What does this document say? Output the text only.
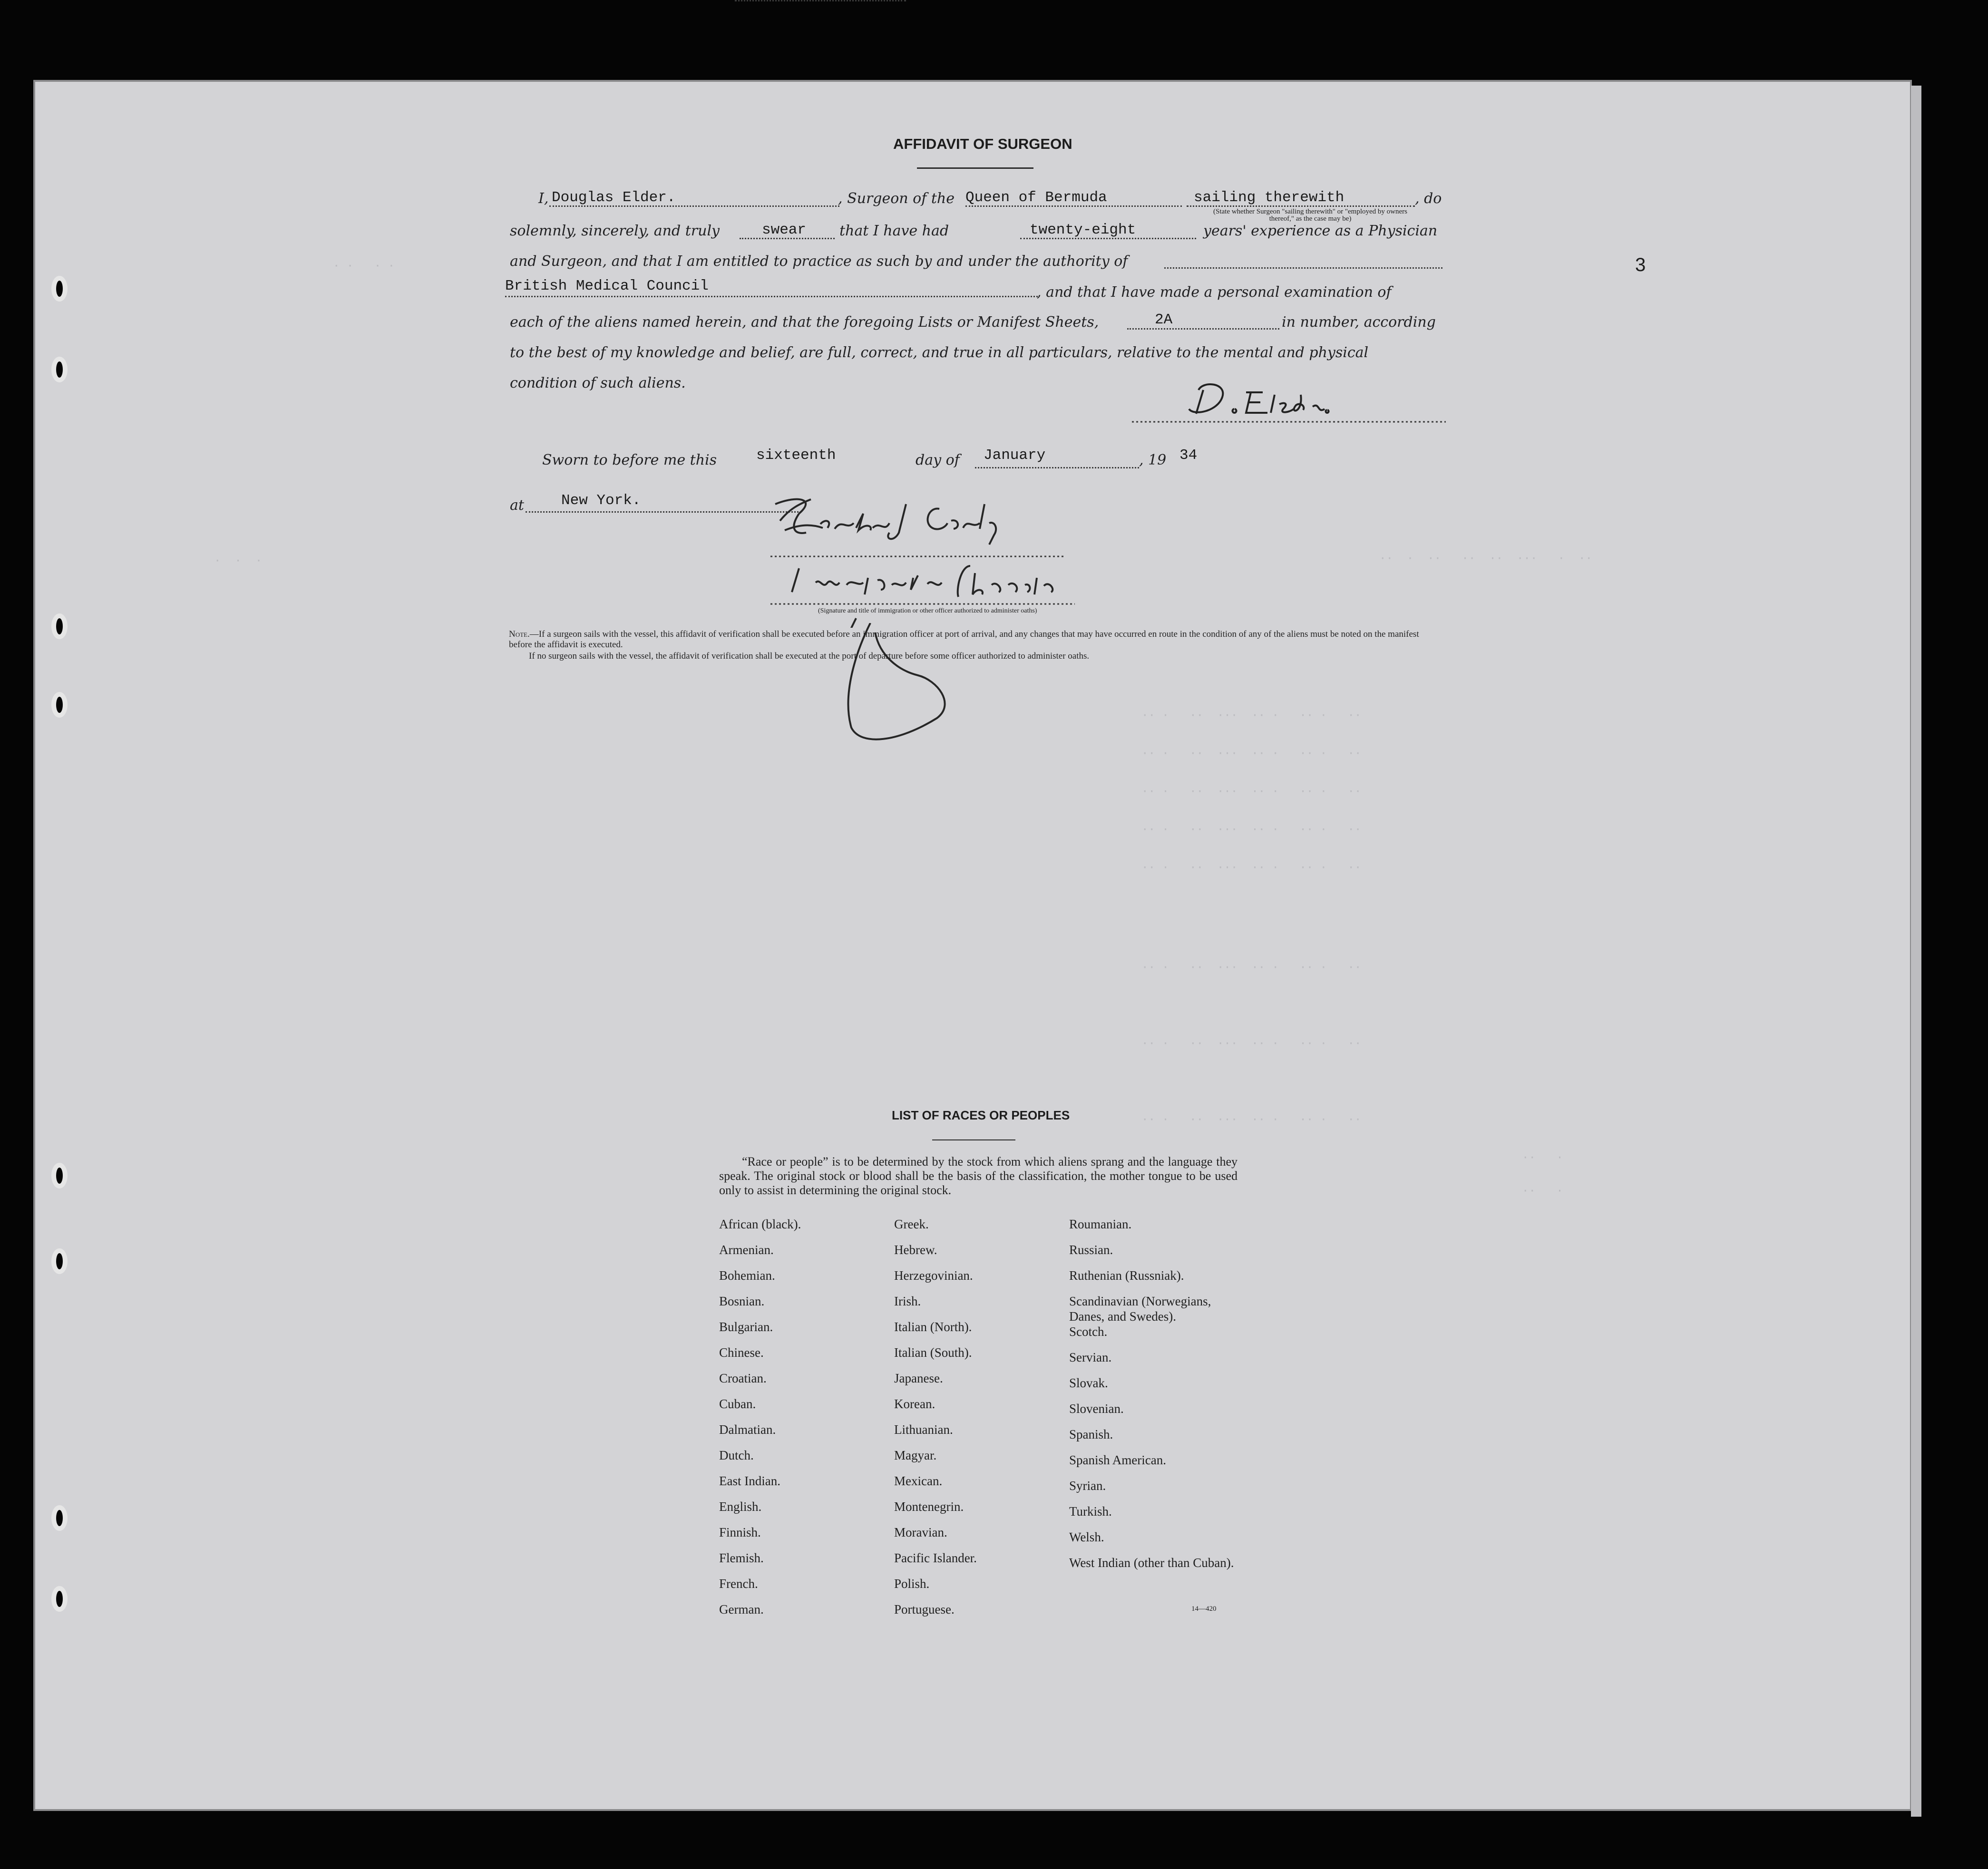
· ·   · ·
·  ·  ·	··  ·  ··   ··  ··  ···   ·  ··
·· ·   ··  ···  ·· ·   ·· ·   ··
·· ·   ··  ···  ·· ·   ·· ·   ··
·· ·   ··  ···  ·· ·   ·· ·   ··
·· ·   ··  ···  ·· ·   ·· ·   ··
·· ·   ··  ···  ·· ·   ·· ·   ··
·· ·   ··  ···  ·· ·   ·· ·   ··
·· ·   ··  ···  ·· ·   ·· ·   ··
·· ·   ··  ···  ·· ·   ·· ·   ··
··   ·
··   ·
3
AFFIDAVIT OF SURGEON
I, Douglas Elder.	, Surgeon of the Queen of Bermuda	sailing therewith	, do
(State whether Surgeon "sailing therewith" or "employed by owners thereof," as the case may be)
solemnly, sincerely, and truly	swear that I have had	twenty-eight	years' experience as a Physician
and Surgeon, and that I am entitled to practice as such by and under the authority of
British Medical Council	, and that I have made a personal examination of
each of the aliens named herein, and that the foregoing Lists or Manifest Sheets,	2A	in number, according
to the best of my knowledge and belief, are full, correct, and true in all particulars, relative to the mental and physical
condition of such aliens.
Sworn to before me this	sixteenth	day of January	, 19 34
at	New York.
(Signature and title of immigration or other officer authorized to administer oaths)
Note.—If a surgeon sails with the vessel, this affidavit of verification shall be executed before an immigration officer at port of arrival, and any changes that may have occurred en route in the condition of any of the aliens must be noted on the manifest before the affidavit is executed.
If no surgeon sails with the vessel, the affidavit of verification shall be executed at the port of departure before some officer authorized to administer oaths.
LIST OF RACES OR PEOPLES
“Race or people” is to be determined by the stock from which aliens sprang and the language they speak. The original stock or blood shall be the basis of the classification, the mother tongue to be used only to assist in determining the original stock.
African (black).
Armenian.
Bohemian.
Bosnian.
Bulgarian.
Chinese.
Croatian.
Cuban.
Dalmatian.
Dutch.
East Indian.
English.
Finnish.
Flemish.
French.
German.
Greek.
Hebrew.
Herzegovinian.
Irish.
Italian (North).
Italian (South).
Japanese.
Korean.
Lithuanian.
Magyar.
Mexican.
Montenegrin.
Moravian.
Pacific Islander.
Polish.
Portuguese.
Roumanian.
Russian.
Ruthenian (Russniak).
Scandinavian (Norwegians, Danes, and Swedes).
Scotch.
Servian.
Slovak.
Slovenian.
Spanish.
Spanish American.
Syrian.
Turkish.
Welsh.
West Indian (other than Cuban).
14—420
